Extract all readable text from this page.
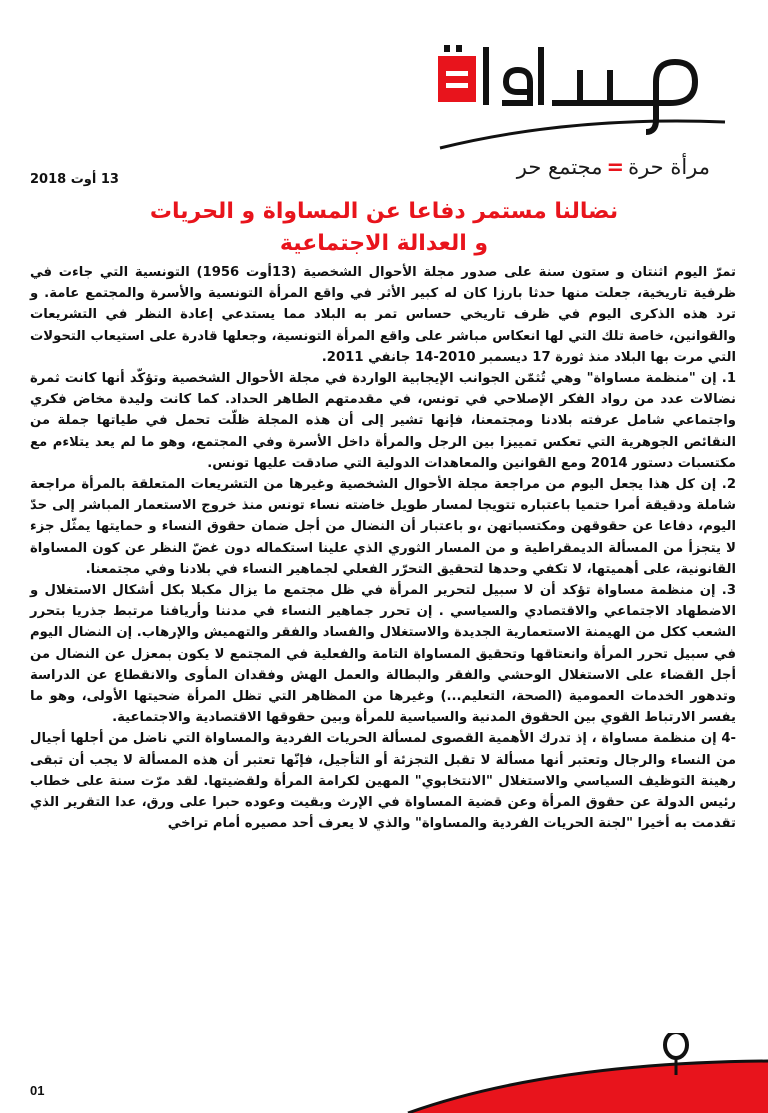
مرأة حرة=مجتمع حر
13 أوت 2018
نضالنا مستمر دفاعا عن المساواة و الحريات
و العدالة الاجتماعية

تمرّ اليوم اثنتان و ستون سنة على صدور مجلة الأحوال الشخصية (13أوت 1956) التونسية التي جاءت في ظرفية تاريخية، جعلت منها حدثا بارزا كان له كبير الأثر في واقع المرأة التونسية والأسرة والمجتمع عامة. و ترد هذه الذكرى اليوم في ظرف تاريخي حساس تمر به البلاد مما يستدعي إعادة النظر في التشريعات والقوانين، خاصة تلك التي لها انعكاس مباشر على واقع المرأة التونسية، وجعلها قادرة على استيعاب التحولات التي مرت بها البلاد منذ ثورة 17 ديسمبر 2010-14 جانفي 2011.

1. إن "منظمة مساواة" وهي تُثمّن الجوانب الإيجابية الواردة في مجلة الأحوال الشخصية وتؤكّد أنها كانت ثمرة نضالات عدد من رواد الفكر الإصلاحي في تونس، في مقدمتهم الطاهر الحداد. كما كانت وليدة مخاض فكري واجتماعي شامل عرفته بلادنا ومجتمعنا، فإنها تشير إلى أن هذه المجلة ظلّت تحمل في طياتها جملة من النقائص الجوهرية التي تعكس تمييزا بين الرجل والمرأة داخل الأسرة وفي المجتمع، وهو ما لم يعد يتلاءم مع مكتسبات دستور 2014 ومع القوانين والمعاهدات الدولية التي صادقت عليها تونس.

2. إن كل هذا يجعل اليوم من مراجعة مجلة الأحوال الشخصية وغيرها من التشريعات المتعلقة بالمرأة مراجعة شاملة ودقيقة أمرا حتميا باعتباره تتويجا لمسار طويل خاضته نساء تونس منذ خروج الاستعمار المباشر إلى حدّ اليوم، دفاعا عن حقوقهن ومكتسباتهن ،و باعتبار أن النضال من أجل ضمان حقوق النساء و حمايتها يمثّل جزء لا يتجزأ من المسألة الديمقراطية و من المسار الثوري الذي علينا استكماله دون غضّ النظر عن كون المساواة القانونية، على أهميتها، لا تكفي وحدها لتحقيق التحرّر الفعلي لجماهير النساء في بلادنا وفي مجتمعنا.

3. إن منظمة مساواة تؤكد أن لا سبيل لتحرير المرأة في ظل مجتمع ما يزال مكبلا بكل أشكال الاستغلال و الاضطهاد الاجتماعي والاقتصادي والسياسي . إن تحرر جماهير النساء في مدننا وأريافنا مرتبط جذريا بتحرر الشعب ككل من الهيمنة الاستعمارية الجديدة والاستغلال والفساد والفقر والتهميش والإرهاب. إن النضال اليوم في سبيل تحرر المرأة وانعتاقها وتحقيق المساواة التامة والفعلية في المجتمع لا يكون بمعزل عن النضال من أجل القضاء على الاستغلال الوحشي والفقر والبطالة والعمل الهش وفقدان المأوى والانقطاع عن الدراسة وتدهور الخدمات العمومية (الصحة، التعليم...) وغيرها من المظاهر التي تظل المرأة ضحيتها الأولى، وهو ما يفسر الارتباط القوي بين الحقوق المدنية والسياسية للمرأة وبين حقوقها الاقتصادية والاجتماعية.

-4 إن منظمة مساواة ، إذ تدرك الأهمية القصوى لمسألة الحريات الفردية والمساواة التي ناضل من أجلها أجيال من النساء والرجال وتعتبر أنها مسألة لا تقبل التجزئة أو التأجيل، فإنّها تعتبر أن هذه المسألة لا يجب أن تبقى رهينة التوظيف السياسي والاستغلال "الانتخابوي" المهين لكرامة المرأة ولقضيتها. لقد مرّت سنة على خطاب رئيس الدولة عن حقوق المرأة وعن قضية المساواة في الإرث وبقيت وعوده حبرا على ورق، عدا التقرير الذي تقدمت به أخيرا "لجنة الحريات الفردية والمساواة" والذي لا يعرف أحد مصيره أمام تراخي

01
